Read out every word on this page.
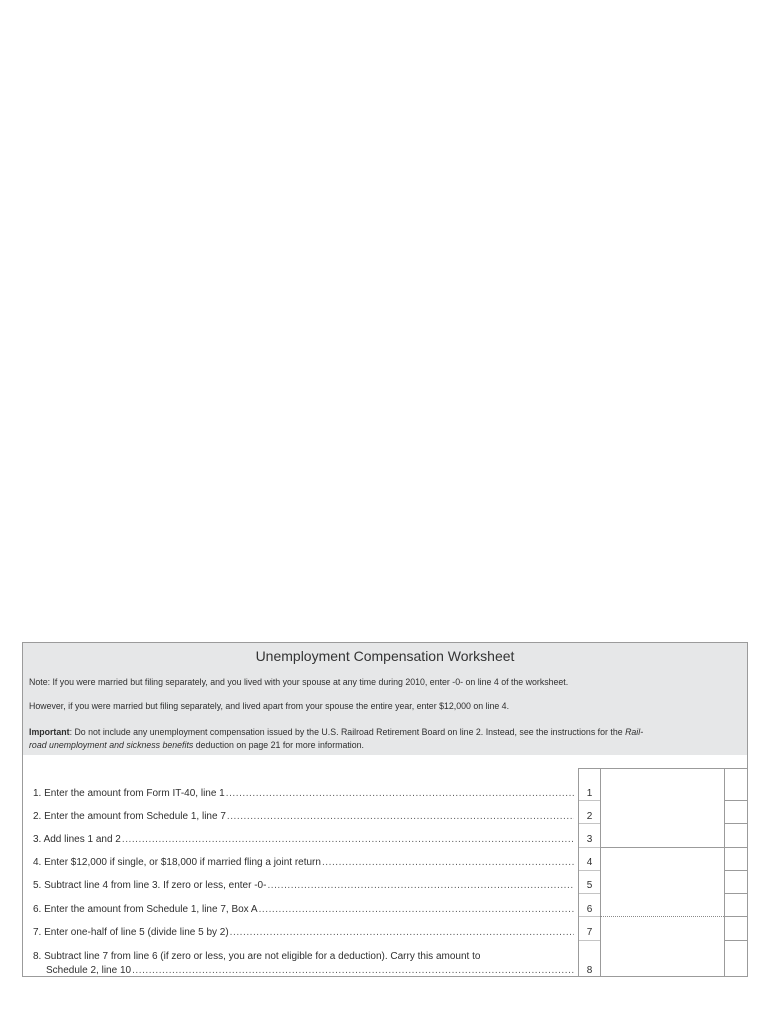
Unemployment Compensation Worksheet
Note: If you were married but filing separately, and you lived with your spouse at any time during 2010, enter -0- on line 4 of the worksheet.
However, if you were married but filing separately, and lived apart from your spouse the entire year, enter $12,000 on line 4.
Important: Do not include any unemployment compensation issued by the U.S. Railroad Retirement Board on line 2. Instead, see the instructions for the Rail-
road unemployment and sickness benefits deduction on page 21 for more information.
1. Enter the amount from Form IT-40, line 1 .....	1
2. Enter the amount from Schedule 1, line 7 .....	2
3. Add lines 1 and 2 .....	3
4. Enter $12,000 if single, or $18,000 if married fling a joint return .....	4
5. Subtract line 4 from line 3. If zero or less, enter -0- .....	5
6. Enter the amount from Schedule 1, line 7, Box A .....	6
7. Enter one-half of line 5 (divide line 5 by 2) .....	7
8. Subtract line 7 from line 6 (if zero or less, you are not eligible for a deduction). Carry this amount to
Schedule 2, line 10 .....	8
